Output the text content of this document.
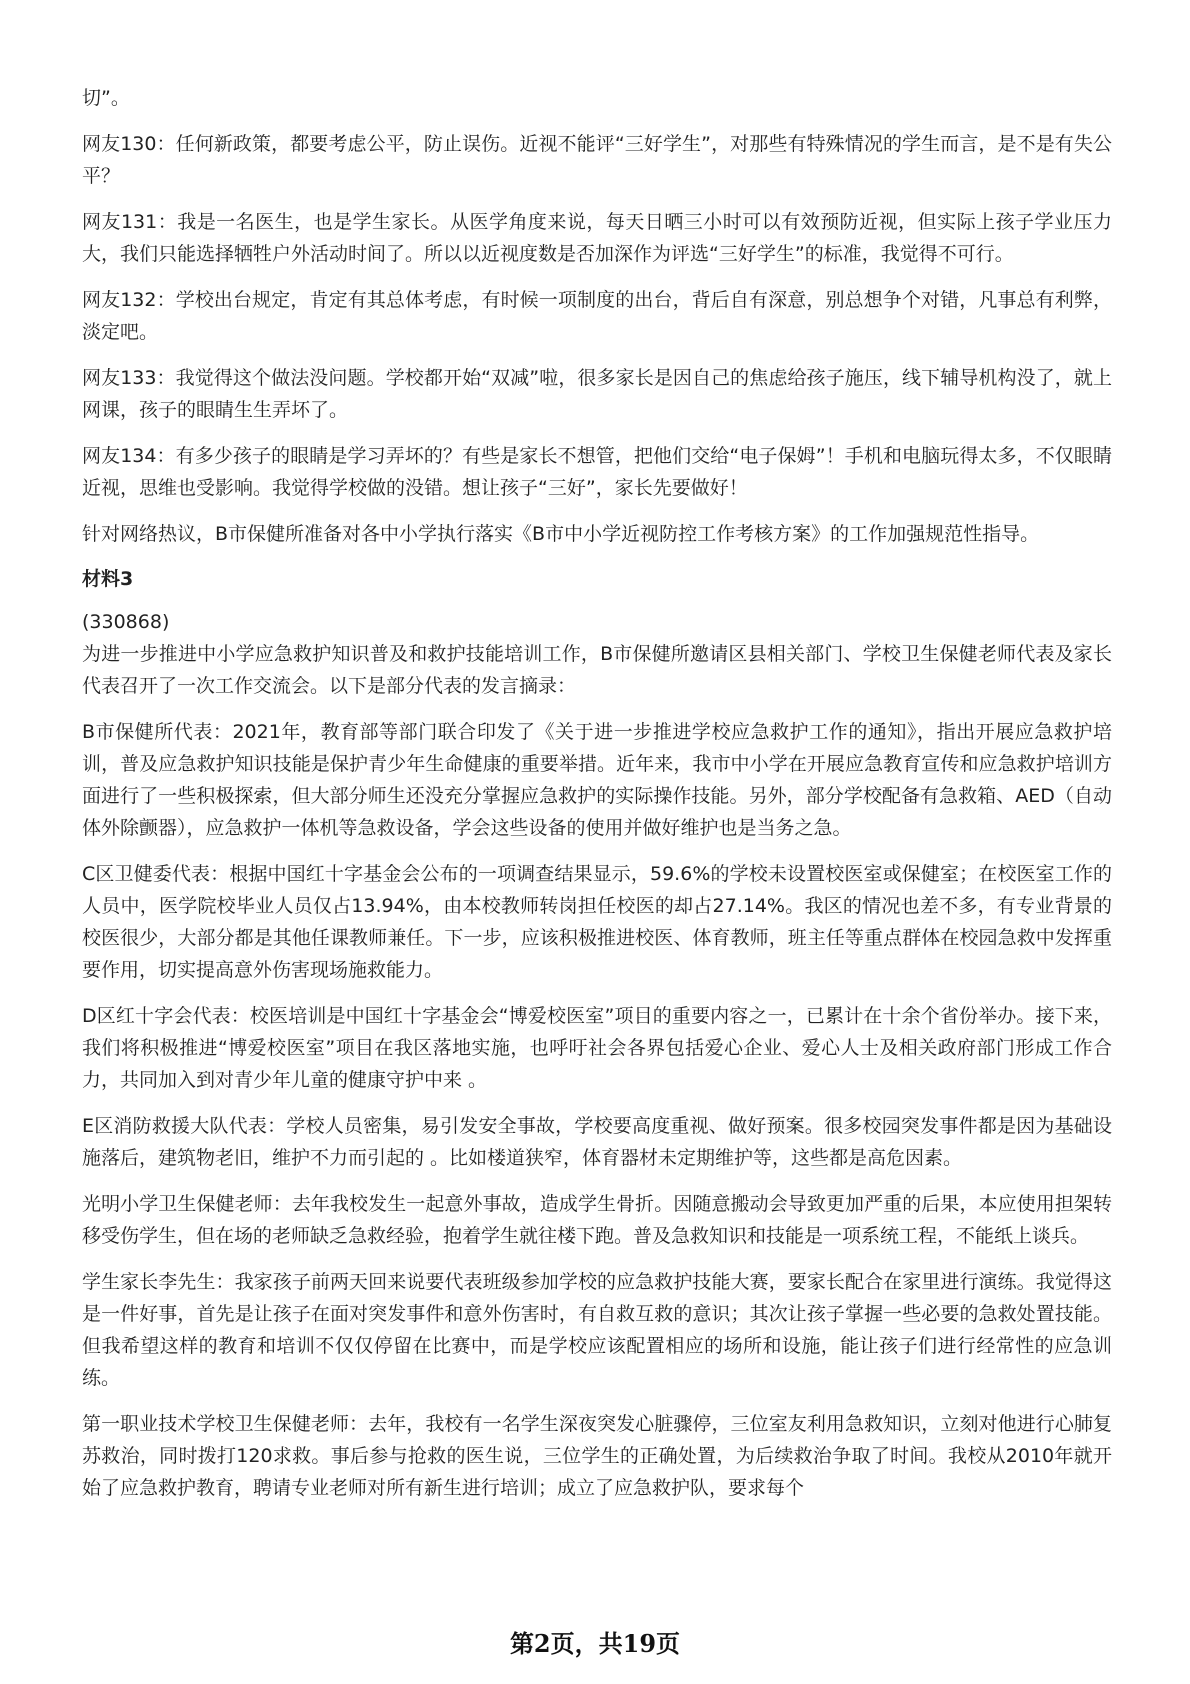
切”。

网友130：任何新政策，都要考虑公平，防止误伤。近视不能评“三好学生”，对那些有特殊情况的学生而言，是不是有失公平？

网友131：我是一名医生，也是学生家长。从医学角度来说，每天日晒三小时可以有效预防近视，但实际上孩子学业压力大，我们只能选择牺牲户外活动时间了。所以以近视度数是否加深作为评选“三好学生”的标准，我觉得不可行。

网友132：学校出台规定，肯定有其总体考虑，有时候一项制度的出台，背后自有深意，别总想争个对错，凡事总有利弊，淡定吧。

网友133：我觉得这个做法没问题。学校都开始“双减”啦，很多家长是因自己的焦虑给孩子施压，线下辅导机构没了，就上网课，孩子的眼睛生生弄坏了。

网友134：有多少孩子的眼睛是学习弄坏的？有些是家长不想管，把他们交给“电子保姆”！手机和电脑玩得太多，不仅眼睛近视，思维也受影响。我觉得学校做的没错。想让孩子“三好”，家长先要做好！

针对网络热议，B市保健所准备对各中小学执行落实《B市中小学近视防控工作考核方案》的工作加强规范性指导。

材料3
(330868)

为进一步推进中小学应急救护知识普及和救护技能培训工作，B市保健所邀请区县相关部门、学校卫生保健老师代表及家长代表召开了一次工作交流会。以下是部分代表的发言摘录：

B市保健所代表：2021年，教育部等部门联合印发了《关于进一步推进学校应急救护工作的通知》，指出开展应急救护培训，普及应急救护知识技能是保护青少年生命健康的重要举措。近年来，我市中小学在开展应急教育宣传和应急救护培训方面进行了一些积极探索，但大部分师生还没充分掌握应急救护的实际操作技能。另外，部分学校配备有急救箱、AED（自动体外除颤器），应急救护一体机等急救设备，学会这些设备的使用并做好维护也是当务之急。

C区卫健委代表：根据中国红十字基金会公布的一项调查结果显示，59.6%的学校未设置校医室或保健室；在校医室工作的人员中，医学院校毕业人员仅占13.94%，由本校教师转岗担任校医的却占27.14%。我区的情况也差不多，有专业背景的校医很少，大部分都是其他任课教师兼任。下一步，应该积极推进校医、体育教师，班主任等重点群体在校园急救中发挥重要作用，切实提高意外伤害现场施救能力。

D区红十字会代表：校医培训是中国红十字基金会“博爱校医室”项目的重要内容之一，已累计在十余个省份举办。接下来，我们将积极推进“博爱校医室”项目在我区落地实施，也呼吁社会各界包括爱心企业、爱心人士及相关政府部门形成工作合力，共同加入到对青少年儿童的健康守护中来 。

E区消防救援大队代表：学校人员密集，易引发安全事故，学校要高度重视、做好预案。很多校园突发事件都是因为基础设施落后，建筑物老旧，维护不力而引起的 。比如楼道狭窄，体育器材未定期维护等，这些都是高危因素。

光明小学卫生保健老师：去年我校发生一起意外事故，造成学生骨折。因随意搬动会导致更加严重的后果，本应使用担架转移受伤学生，但在场的老师缺乏急救经验，抱着学生就往楼下跑。普及急救知识和技能是一项系统工程，不能纸上谈兵。

学生家长李先生：我家孩子前两天回来说要代表班级参加学校的应急救护技能大赛，要家长配合在家里进行演练。我觉得这是一件好事，首先是让孩子在面对突发事件和意外伤害时，有自救互救的意识；其次让孩子掌握一些必要的急救处置技能。但我希望这样的教育和培训不仅仅停留在比赛中，而是学校应该配置相应的场所和设施，能让孩子们进行经常性的应急训练。

第一职业技术学校卫生保健老师：去年，我校有一名学生深夜突发心脏骤停，三位室友利用急救知识，立刻对他进行心肺复苏救治，同时拨打120求救。事后参与抢救的医生说，三位学生的正确处置，为后续救治争取了时间。我校从2010年就开始了应急救护教育，聘请专业老师对所有新生进行培训；成立了应急救护队，要求每个

第2页，共19页
